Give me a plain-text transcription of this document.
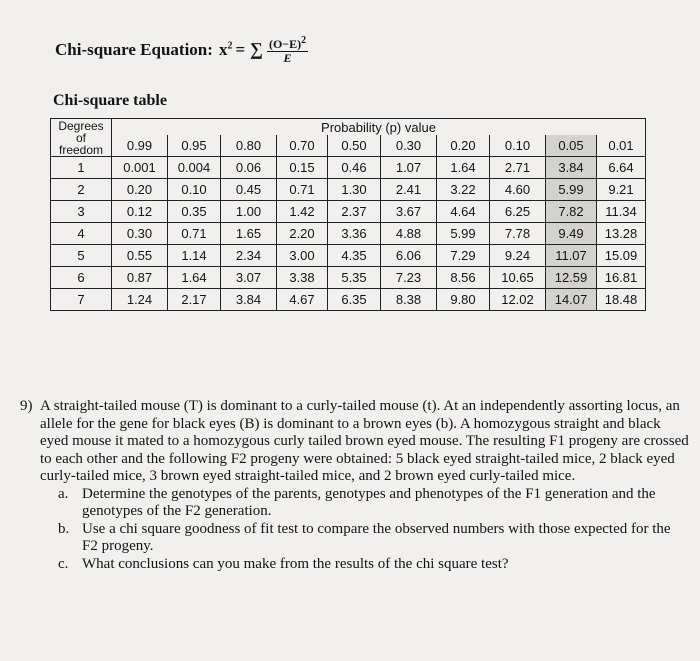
Chi-square Equation: $x^2$ = ∑ $\frac{(O-E)^2}{E}$
Chi-square table
Degrees
of
freedom	Probability (p) value									
	0.99	0.95	0.80	0.70	0.50	0.30	0.20	0.10	0.05	0.01
1	0.001	0.004	0.06	0.15	0.46	1.07	1.64	2.71	3.84	6.64
2	0.20	0.10	0.45	0.71	1.30	2.41	3.22	4.60	5.99	9.21
3	0.12	0.35	1.00	1.42	2.37	3.67	4.64	6.25	7.82	11.34
4	0.30	0.71	1.65	2.20	3.36	4.88	5.99	7.78	9.49	13.28
5	0.55	1.14	2.34	3.00	4.35	6.06	7.29	9.24	11.07	15.09
6	0.87	1.64	3.07	3.38	5.35	7.23	8.56	10.65	12.59	16.81
7	1.24	2.17	3.84	4.67	6.35	8.38	9.80	12.02	14.07	18.48
9) A straight-tailed mouse (T) is dominant to a curly-tailed mouse (t). At an independently assorting locus, an allele for the gene for black eyes (B) is dominant to a brown eyes (b). A homozygous straight and black eyed mouse it mated to a homozygous curly tailed brown eyed mouse. The resulting F1 progeny are crossed to each other and the following F2 progeny were obtained: 5 black eyed straight-tailed mice, 2 black eyed curly-tailed mice, 3 brown eyed straight-tailed mice, and 2 brown eyed curly-tailed mice.
a. Determine the genotypes of the parents, genotypes and phenotypes of the F1 generation and the genotypes of the F2 generation.
b. Use a chi square goodness of fit test to compare the observed numbers with those expected for the F2 progeny.
c. What conclusions can you make from the results of the chi square test?
